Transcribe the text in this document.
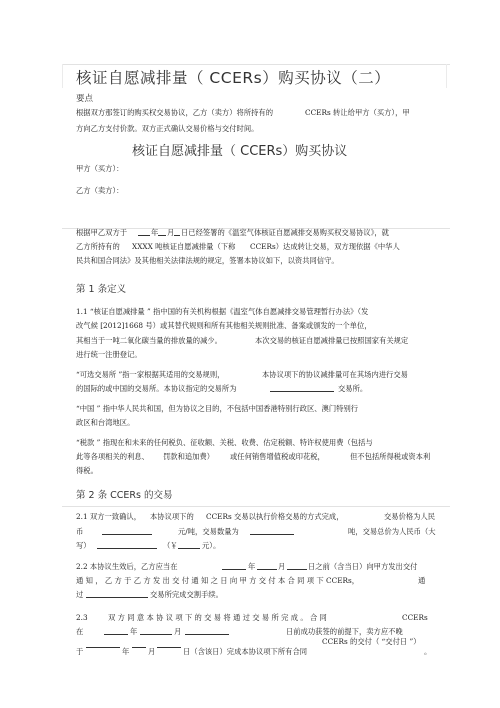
核证自愿减排量（ CCERs）购买协议（二）
要点
根据双方那签订的购买权交易协议，乙方（卖方）将所持有的	CCERs 转让给甲方（买方），甲
方向乙方支付价款。双方正式确认交易价格与交付时间。
核证自愿减排量（ CCERs）购买协议
甲方（买方）：
乙方（卖方）：
根据甲乙双方于	年 月 日已经签署的《温室气体核证自愿减排交易购买权交易协议》，就
乙方所持有的 XXXX 吨核证自愿减排量（下称 CCERs）达成转让交易，双方现依据《中华人
民共和国合同法》及其他相关法律法规的规定，签署本协议如下，以资共同信守。
第 1 条定义
1.1 “核证自愿减排量 ” 指中国的有关机构根据《温室气体自愿减排交易管理暂行办法》（发
改气候 [2012]1668 号）或其替代规则和所有其他相关规则批准、备案或颁发的一个单位，
其相当于一吨二氧化碳当量的排放量的减少。	本次交易的核证自愿减排量已按照国家有关规定
进行统一注册登记。
“可选交易所 ”指一家根据其适用的交易规则，	本协议项下的协议减排量可在其场内进行交易
的国际的或中国的交易所。本协议指定的交易所为	交易所。
“中国 ” 指中华人民共和国，但为协议之目的，不包括中国香港特别行政区、澳门特别行
政区和台湾地区。
“税款 ” 指现在和未来的任何税负、征收额、关税、收费、估定税额、特许权使用费（包括与
此等各项相关的利息、 罚款和追加费） 或任何销售增值税或印花税，	但不包括所得税或资本利
得税。
第 2 条 CCERs 的交易
2.1 双方一致确认， 本协议项下的 CCERs 交易以执行价格交易的方式完成，	交易价格为人民
币	元/吨，交易数量为	吨，交易总价为人民币（大
写）	（￥	元）。
2.2 本协议生效后，乙方应当在	年	月	日之前（含当日）向甲方发出交付
通 知 ， 乙 方 于 乙 方 发 出 交 付 通 知 之 日 向 甲 方 交 付 本 合 同 项 下 CCERs，	通
过	交易所完成交割手续。
2.3	双 方 同 意 本 协 议 项 下 的 交 易 将 通 过 交 易 所 完 成 。 合 同	CCERs
在	年	月	日前成功获签的前提下，卖方应不晚
CCERs 的交付（ “交付日 ”）
于	年	月	日（含该日）完成本协议项下所有合同	。
